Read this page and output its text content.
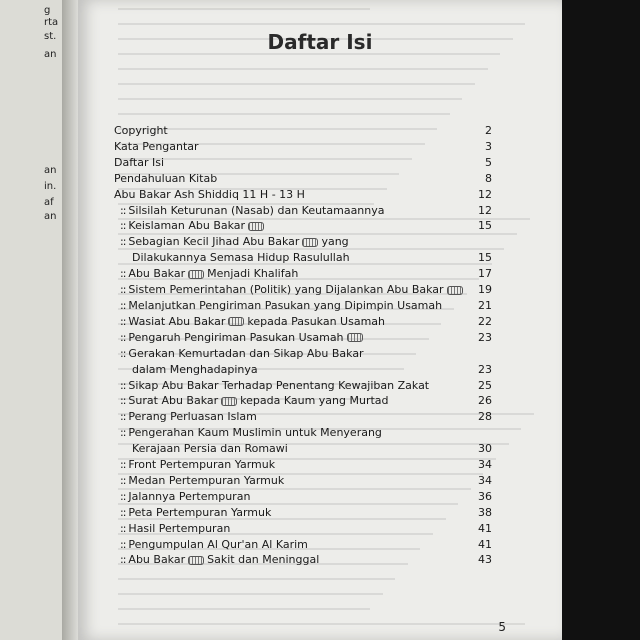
g
rta
st.
an
an
in.
af
an
Daftar Isi
Copyright	2
Kata Pengantar	3
Daftar Isi	5
Pendahuluan Kitab	8
Abu Bakar Ash Shiddiq 11 H - 13 H	12
:: Silsilah Keturunan (Nasab) dan Keutamaannya	12
:: Keislaman Abu Bakar	15
:: Sebagian Kecil Jihad Abu Bakar yang
Dilakukannya Semasa Hidup Rasulullah	15
:: Abu Bakar Menjadi Khalifah	17
:: Sistem Pemerintahan (Politik) yang Dijalankan Abu Bakar	19
:: Melanjutkan Pengiriman Pasukan yang Dipimpin Usamah	21
:: Wasiat Abu Bakar kepada Pasukan Usamah	22
:: Pengaruh Pengiriman Pasukan Usamah	23
:: Gerakan Kemurtadan dan Sikap Abu Bakar
dalam Menghadapinya	23
:: Sikap Abu Bakar Terhadap Penentang Kewajiban Zakat	25
:: Surat Abu Bakar kepada Kaum yang Murtad	26
:: Perang Perluasan Islam	28
:: Pengerahan Kaum Muslimin untuk Menyerang
Kerajaan Persia dan Romawi	30
:: Front Pertempuran Yarmuk	34
:: Medan Pertempuran Yarmuk	34
:: Jalannya Pertempuran	36
:: Peta Pertempuran Yarmuk	38
:: Hasil Pertempuran	41
:: Pengumpulan Al Qur'an Al Karim	41
:: Abu Bakar Sakit dan Meninggal	43
5
